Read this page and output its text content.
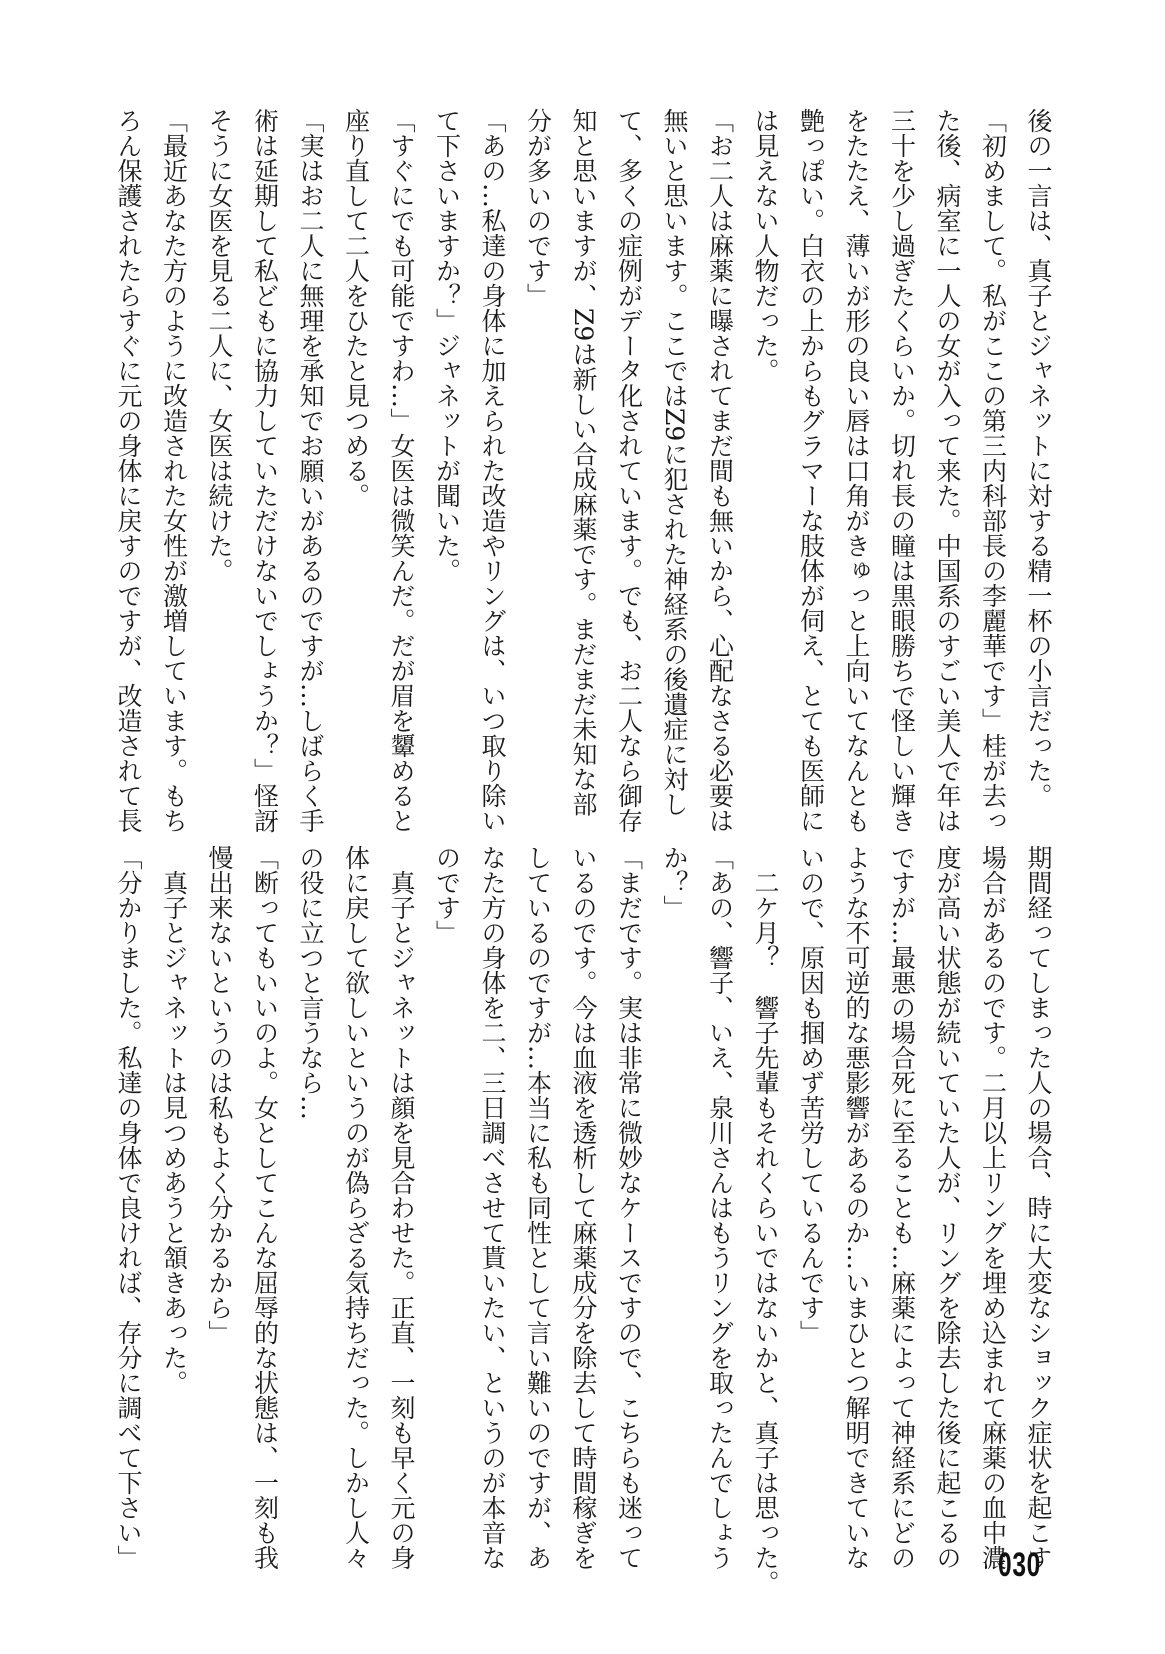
後の一言は、真子とジャネットに対する精一杯の小言だった。
「初めまして。私がここの第三内科部長の李麗華です」桂が去っ
た後、病室に一人の女が入って来た。中国系のすごい美人で年は
三十を少し過ぎたくらいか。切れ長の瞳は黒眼勝ちで怪しい輝き
をたたえ、薄いが形の良い唇は口角がきゅっと上向いてなんとも
艶っぽい。白衣の上からもグラマーな肢体が伺え、とても医師に
は見えない人物だった。
「お二人は麻薬に曝されてまだ間も無いから、心配なさる必要は
無いと思います。ここではZ9に犯された神経系の後遺症に対し
て、多くの症例がデータ化されています。でも、お二人なら御存
知と思いますが、Z9は新しい合成麻薬です。まだまだ未知な部
分が多いのです」
「あの…私達の身体に加えられた改造やリングは、いつ取り除い
て下さいますか？」ジャネットが聞いた。
「すぐにでも可能ですわ…」女医は微笑んだ。だが眉を顰めると
座り直して二人をひたと見つめる。
「実はお二人に無理を承知でお願いがあるのですが…しばらく手
術は延期して私どもに協力していただけないでしょうか？」怪訝
そうに女医を見る二人に、女医は続けた。
「最近あなた方のように改造された女性が激増しています。もち
ろん保護されたらすぐに元の身体に戻すのですが、改造されて長
期間経ってしまった人の場合、時に大変なショック症状を起こす
場合があるのです。二月以上リングを埋め込まれて麻薬の血中濃
度が高い状態が続いていた人が、リングを除去した後に起こるの
ですが…最悪の場合死に至ることも…麻薬によって神経系にどの
ような不可逆的な悪影響があるのか…いまひとつ解明できていな
いので、原因も掴めず苦労しているんです」
　二ケ月？　響子先輩もそれくらいではないかと、真子は思った。
「あの、響子、いえ、泉川さんはもうリングを取ったんでしょう
か？」
「まだです。実は非常に微妙なケースですので、こちらも迷って
いるのです。今は血液を透析して麻薬成分を除去して時間稼ぎを
しているのですが…本当に私も同性として言い難いのですが、あ
なた方の身体を二、三日調べさせて貰いたい、というのが本音な
のです」
　真子とジャネットは顔を見合わせた。正直、一刻も早く元の身
体に戻して欲しいというのが偽らざる気持ちだった。しかし人々
の役に立つと言うなら…
「断ってもいいのよ。女としてこんな屈辱的な状態は、一刻も我
慢出来ないというのは私もよく分かるから」
　真子とジャネットは見つめあうと頷きあった。
「分かりました。私達の身体で良ければ、存分に調べて下さい」	030
